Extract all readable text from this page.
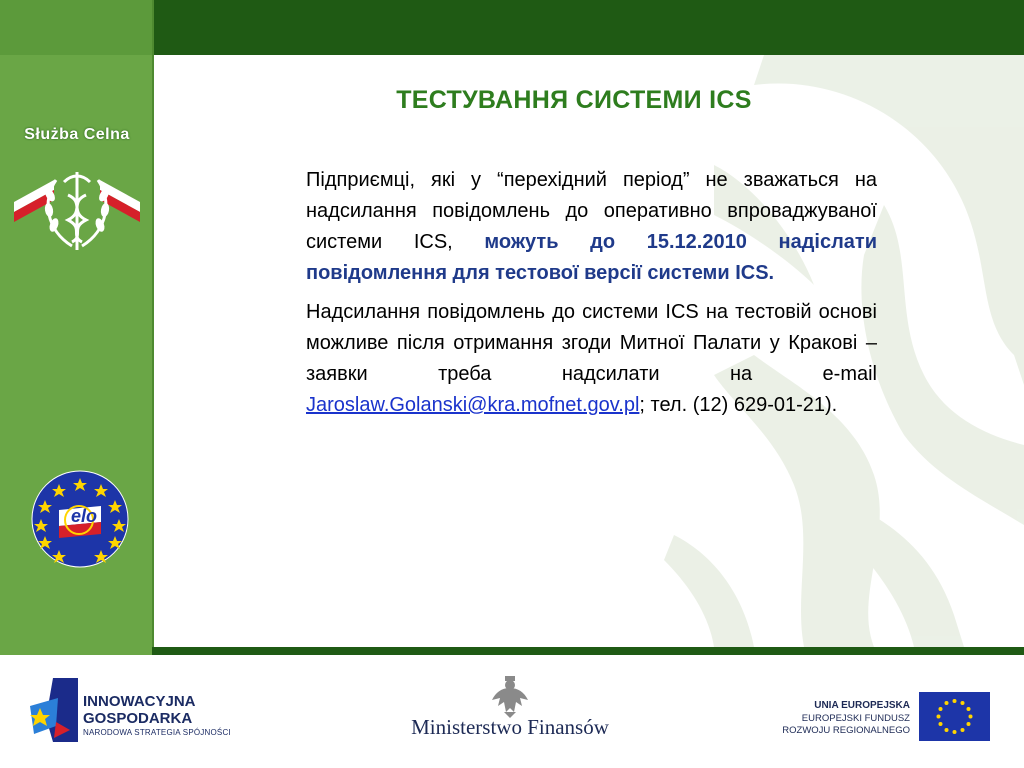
ТЕСТУВАННЯ СИСТЕМИ ICS

Підприємці, які у “перехідний період” не зважаться на надсилання повідомлень до оперативно впроваджуваної системи ICS, можуть до 15.12.2010 надіслати повідомлення для тестової версії системи ICS.

Надсилання повідомлень до системи ICS на тестовій основі можливе після отримання згоди Митної Палати у Кракові – заявки треба надсилати на e-mail Jaroslaw.Golanski@kra.mofnet.gov.pl; тел. (12) 629-01-21).

Służba Celna
elo
INNOWACYJNA
GOSPODARKA
NARODOWA STRATEGIA SPÓJNOŚCI	Ministerstwo Finansów
UNIA EUROPEJSKA
EUROPEJSKI FUNDUSZ
ROZWOJU REGIONALNEGO
